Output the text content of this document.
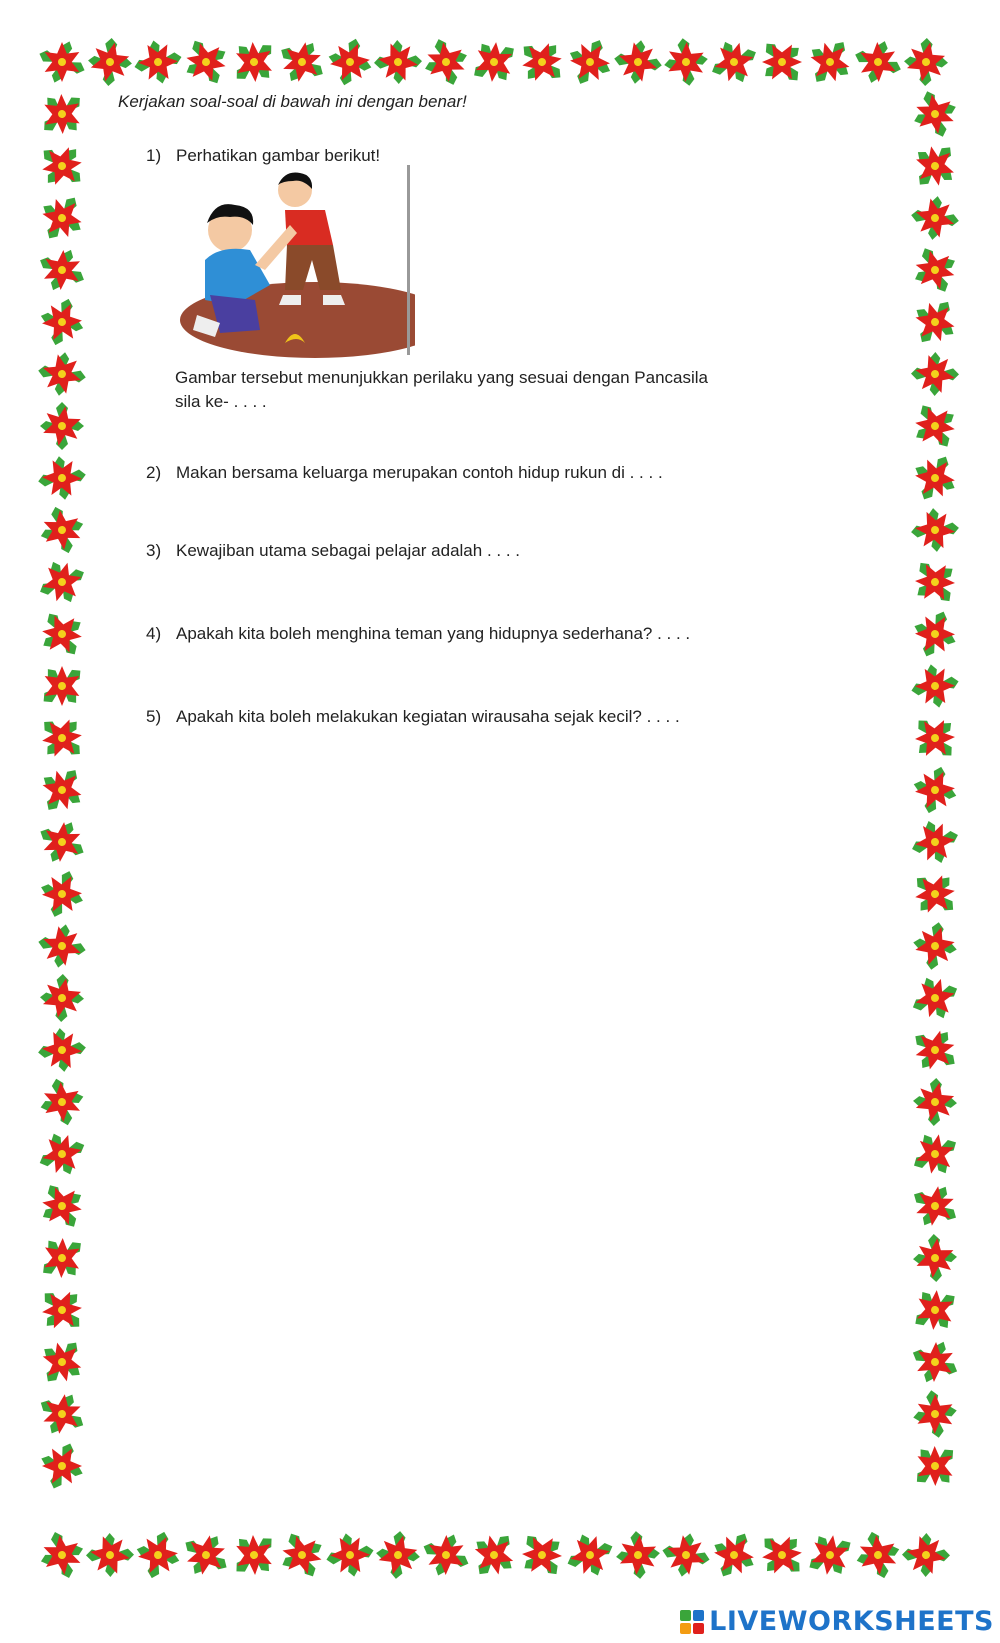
Kerjakan soal-soal di bawah ini dengan benar!
1) Perhatikan gambar berikut!
Gambar tersebut menunjukkan perilaku yang sesuai dengan Pancasila sila ke- . . . .
2) Makan bersama keluarga merupakan contoh hidup rukun di . . . .
3) Kewajiban utama sebagai pelajar adalah . . . .
4) Apakah kita boleh menghina teman yang hidupnya sederhana? . . . .
5) Apakah kita boleh melakukan kegiatan wirausaha sejak kecil? . . . .
LIVEWORKSHEETS
